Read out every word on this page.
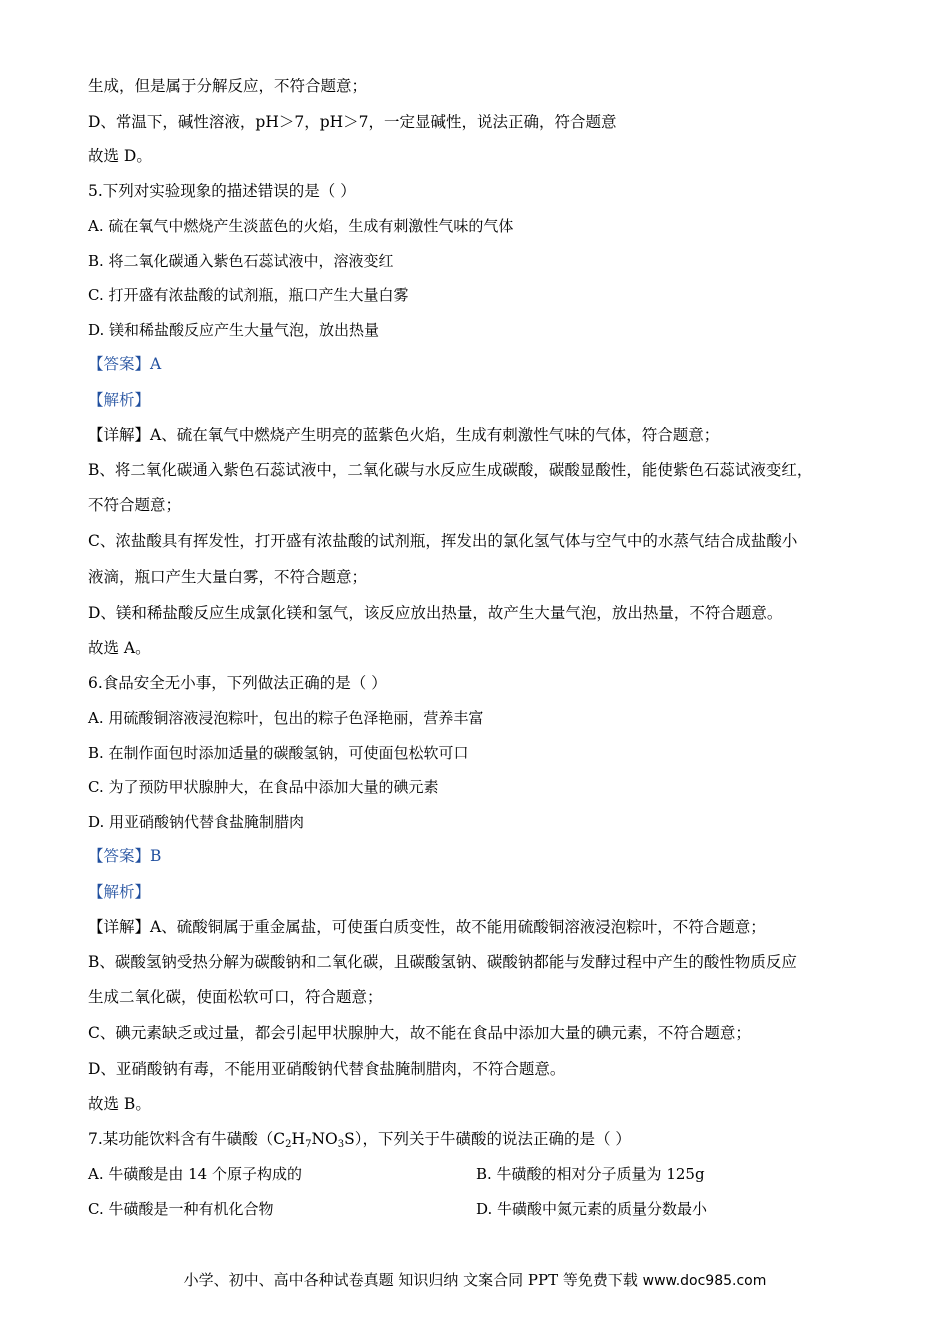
生成，但是属于分解反应，不符合题意；
D、常温下，碱性溶液，pH＞7，pH＞7，一定显碱性，说法正确，符合题意
故选 D。
5.下列对实验现象的描述错误的是（ ）
A. 硫在氧气中燃烧产生淡蓝色的火焰，生成有刺激性气味的气体
B. 将二氧化碳通入紫色石蕊试液中，溶液变红
C. 打开盛有浓盐酸的试剂瓶，瓶口产生大量白雾
D. 镁和稀盐酸反应产生大量气泡，放出热量
【答案】A
【解析】
【详解】A、硫在氧气中燃烧产生明亮的蓝紫色火焰，生成有刺激性气味的气体，符合题意；
B、将二氧化碳通入紫色石蕊试液中，二氧化碳与水反应生成碳酸，碳酸显酸性，能使紫色石蕊试液变红，
不符合题意；
C、浓盐酸具有挥发性，打开盛有浓盐酸的试剂瓶，挥发出的氯化氢气体与空气中的水蒸气结合成盐酸小
液滴，瓶口产生大量白雾，不符合题意；
D、镁和稀盐酸反应生成氯化镁和氢气，该反应放出热量，故产生大量气泡，放出热量，不符合题意。
故选 A。
6.食品安全无小事，下列做法正确的是（ ）
A. 用硫酸铜溶液浸泡粽叶，包出的粽子色泽艳丽，营养丰富
B. 在制作面包时添加适量的碳酸氢钠，可使面包松软可口
C. 为了预防甲状腺肿大，在食品中添加大量的碘元素
D. 用亚硝酸钠代替食盐腌制腊肉
【答案】B
【解析】
【详解】A、硫酸铜属于重金属盐，可使蛋白质变性，故不能用硫酸铜溶液浸泡粽叶，不符合题意；
B、碳酸氢钠受热分解为碳酸钠和二氧化碳，且碳酸氢钠、碳酸钠都能与发酵过程中产生的酸性物质反应
生成二氧化碳，使面松软可口，符合题意；
C、碘元素缺乏或过量，都会引起甲状腺肿大，故不能在食品中添加大量的碘元素，不符合题意；
D、亚硝酸钠有毒，不能用亚硝酸钠代替食盐腌制腊肉，不符合题意。
故选 B。
7.某功能饮料含有牛磺酸$(C_2H_7NO_3S)$，下列关于牛磺酸的说法正确的是（ ）
A. 牛磺酸是由 14 个原子构成的	B. 牛磺酸的相对分子质量为 125g
C. 牛磺酸是一种有机化合物	D. 牛磺酸中氮元素的质量分数最小
小学、初中、高中各种试卷真题 知识归纳 文案合同 PPT 等免费下载 www.doc985.com
